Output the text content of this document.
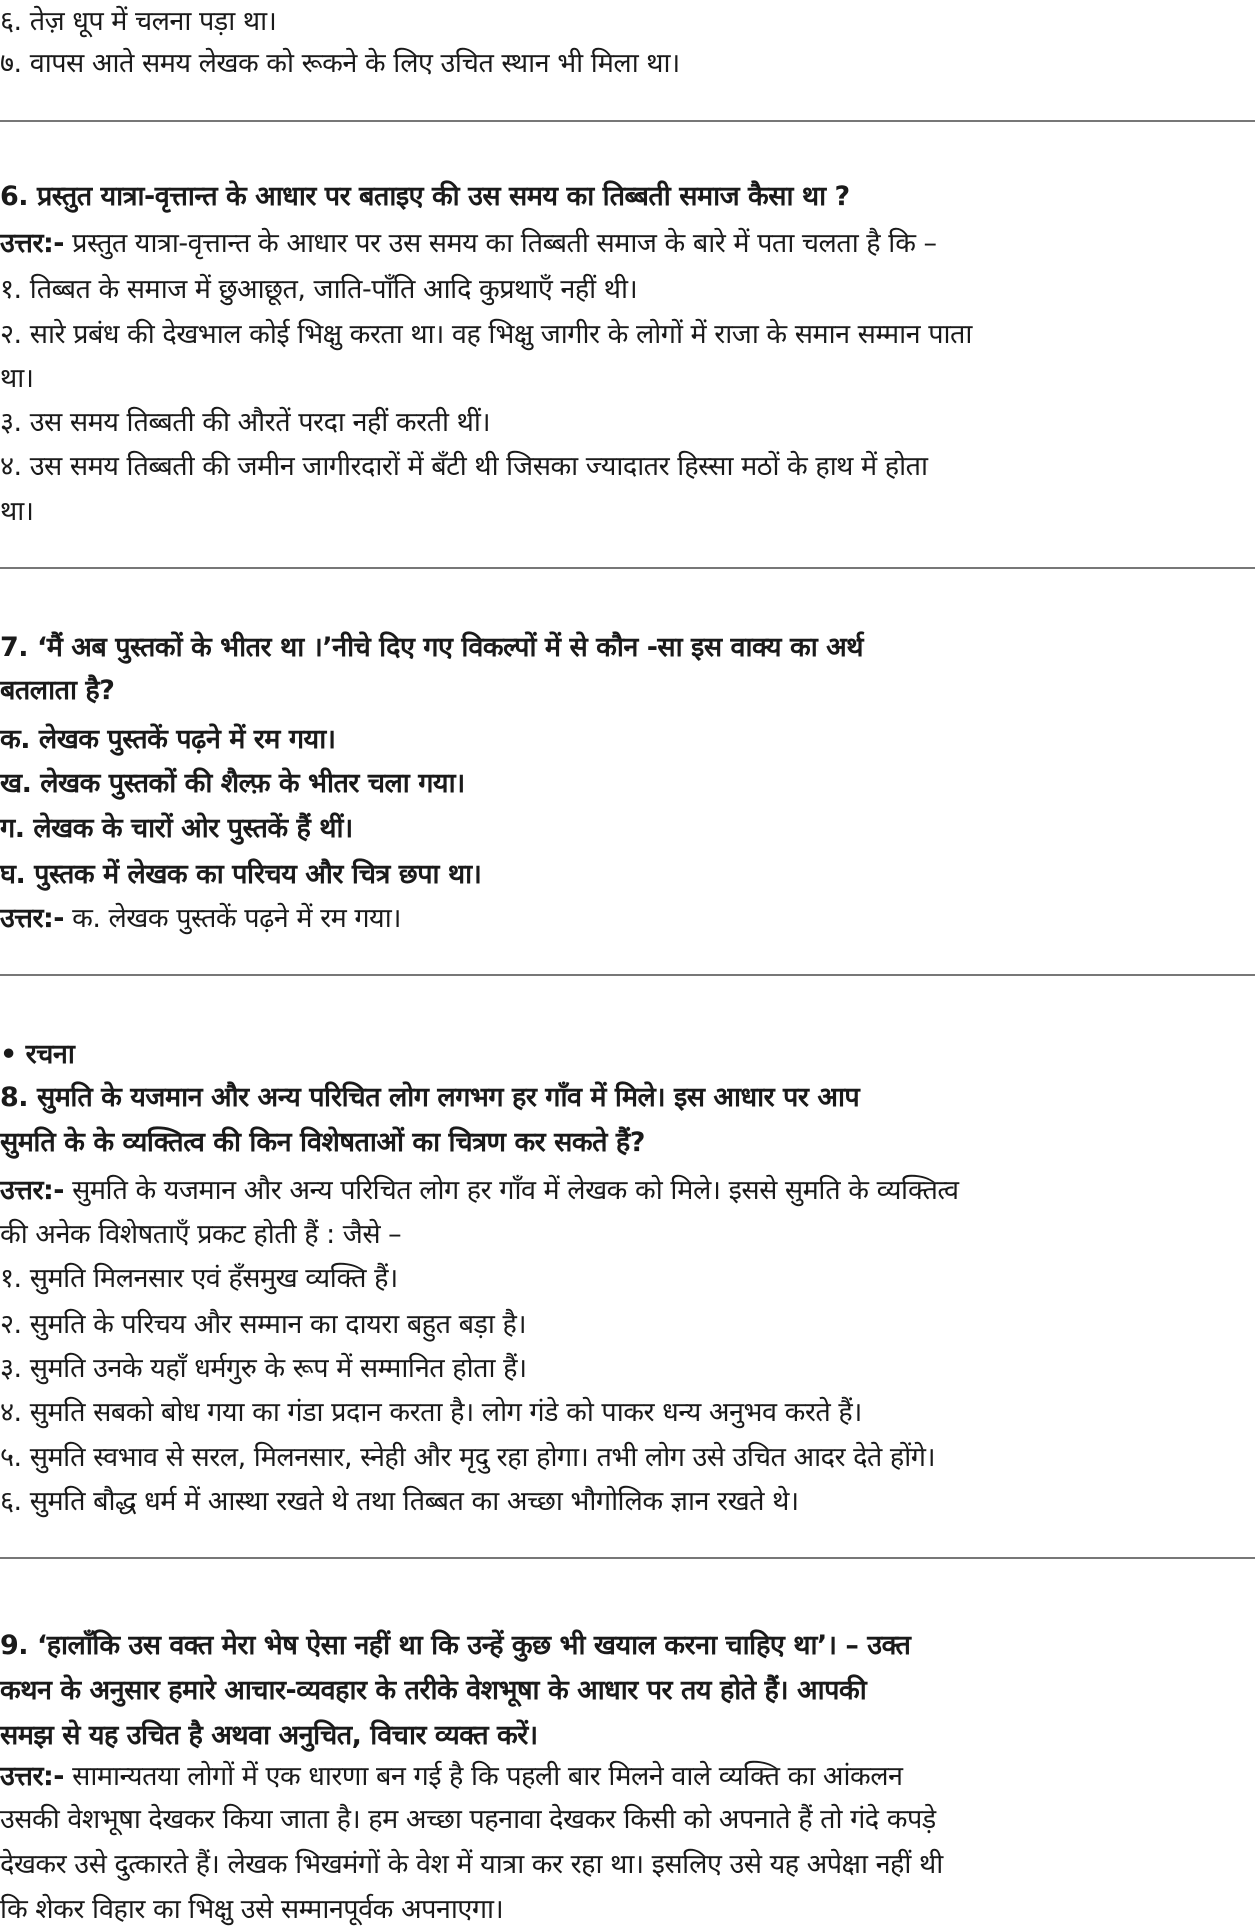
६. तेज़ धूप में चलना पड़ा था।
७. वापस आते समय लेखक को रूकने के लिए उचित स्थान भी मिला था।
6. प्रस्तुत यात्रा-वृत्तान्त के आधार पर बताइए की उस समय का तिब्बती समाज कैसा था ?
उत्तर:- प्रस्तुत यात्रा-वृत्तान्त के आधार पर उस समय का तिब्बती समाज के बारे में पता चलता है कि –
१. तिब्बत के समाज में छुआछूत, जाति-पाँति आदि कुप्रथाएँ नहीं थी।
२. सारे प्रबंध की देखभाल कोई भिक्षु करता था। वह भिक्षु जागीर के लोगों में राजा के समान सम्मान पाता
था।
३. उस समय तिब्बती की औरतें परदा नहीं करती थीं।
४. उस समय तिब्बती की जमीन जागीरदारों में बँटी थी जिसका ज्यादातर हिस्सा मठों के हाथ में होता
था।
7. ‘मैं अब पुस्तकों के भीतर था ।’नीचे दिए गए विकल्पों में से कौन -सा इस वाक्य का अर्थ
बतलाता है?
क. लेखक पुस्तकें पढ़ने में रम गया।
ख. लेखक पुस्तकों की शैल्फ़ के भीतर चला गया।
ग. लेखक के चारों ओर पुस्तकें हैं थीं।
घ. पुस्तक में लेखक का परिचय और चित्र छपा था।
उत्तर:- क. लेखक पुस्तकें पढ़ने में रम गया।
• रचना
8. सुमति के यजमान और अन्य परिचित लोग लगभग हर गाँव में मिले। इस आधार पर आप
सुमति के के व्यक्तित्व की किन विशेषताओं का चित्रण कर सकते हैं?
उत्तर:- सुमति के यजमान और अन्य परिचित लोग हर गाँव में लेखक को मिले। इससे सुमति के व्यक्तित्व
की अनेक विशेषताएँ प्रकट होती हैं : जैसे –
१. सुमति मिलनसार एवं हँसमुख व्यक्ति हैं।
२. सुमति के परिचय और सम्मान का दायरा बहुत बड़ा है।
३. सुमति उनके यहाँ धर्मगुरु के रूप में सम्मानित होता हैं।
४. सुमति सबको बोध गया का गंडा प्रदान करता है। लोग गंडे को पाकर धन्य अनुभव करते हैं।
५. सुमति स्वभाव से सरल, मिलनसार, स्नेही और मृदु रहा होगा। तभी लोग उसे उचित आदर देते होंगे।
६. सुमति बौद्ध धर्म में आस्था रखते थे तथा तिब्बत का अच्छा भौगोलिक ज्ञान रखते थे।
9. ‘हालाँकि उस वक्त मेरा भेष ऐसा नहीं था कि उन्हें कुछ भी खयाल करना चाहिए था’। – उक्त
कथन के अनुसार हमारे आचार-व्यवहार के तरीके वेशभूषा के आधार पर तय होते हैं। आपकी
समझ से यह उचित है अथवा अनुचित, विचार व्यक्त करें।
उत्तर:- सामान्यतया लोगों में एक धारणा बन गई है कि पहली बार मिलने वाले व्यक्ति का आंकलन
उसकी वेशभूषा देखकर किया जाता है। हम अच्छा पहनावा देखकर किसी को अपनाते हैं तो गंदे कपड़े
देखकर उसे दुत्कारते हैं। लेखक भिखमंगों के वेश में यात्रा कर रहा था। इसलिए उसे यह अपेक्षा नहीं थी
कि शेकर विहार का भिक्षु उसे सम्मानपूर्वक अपनाएगा।
